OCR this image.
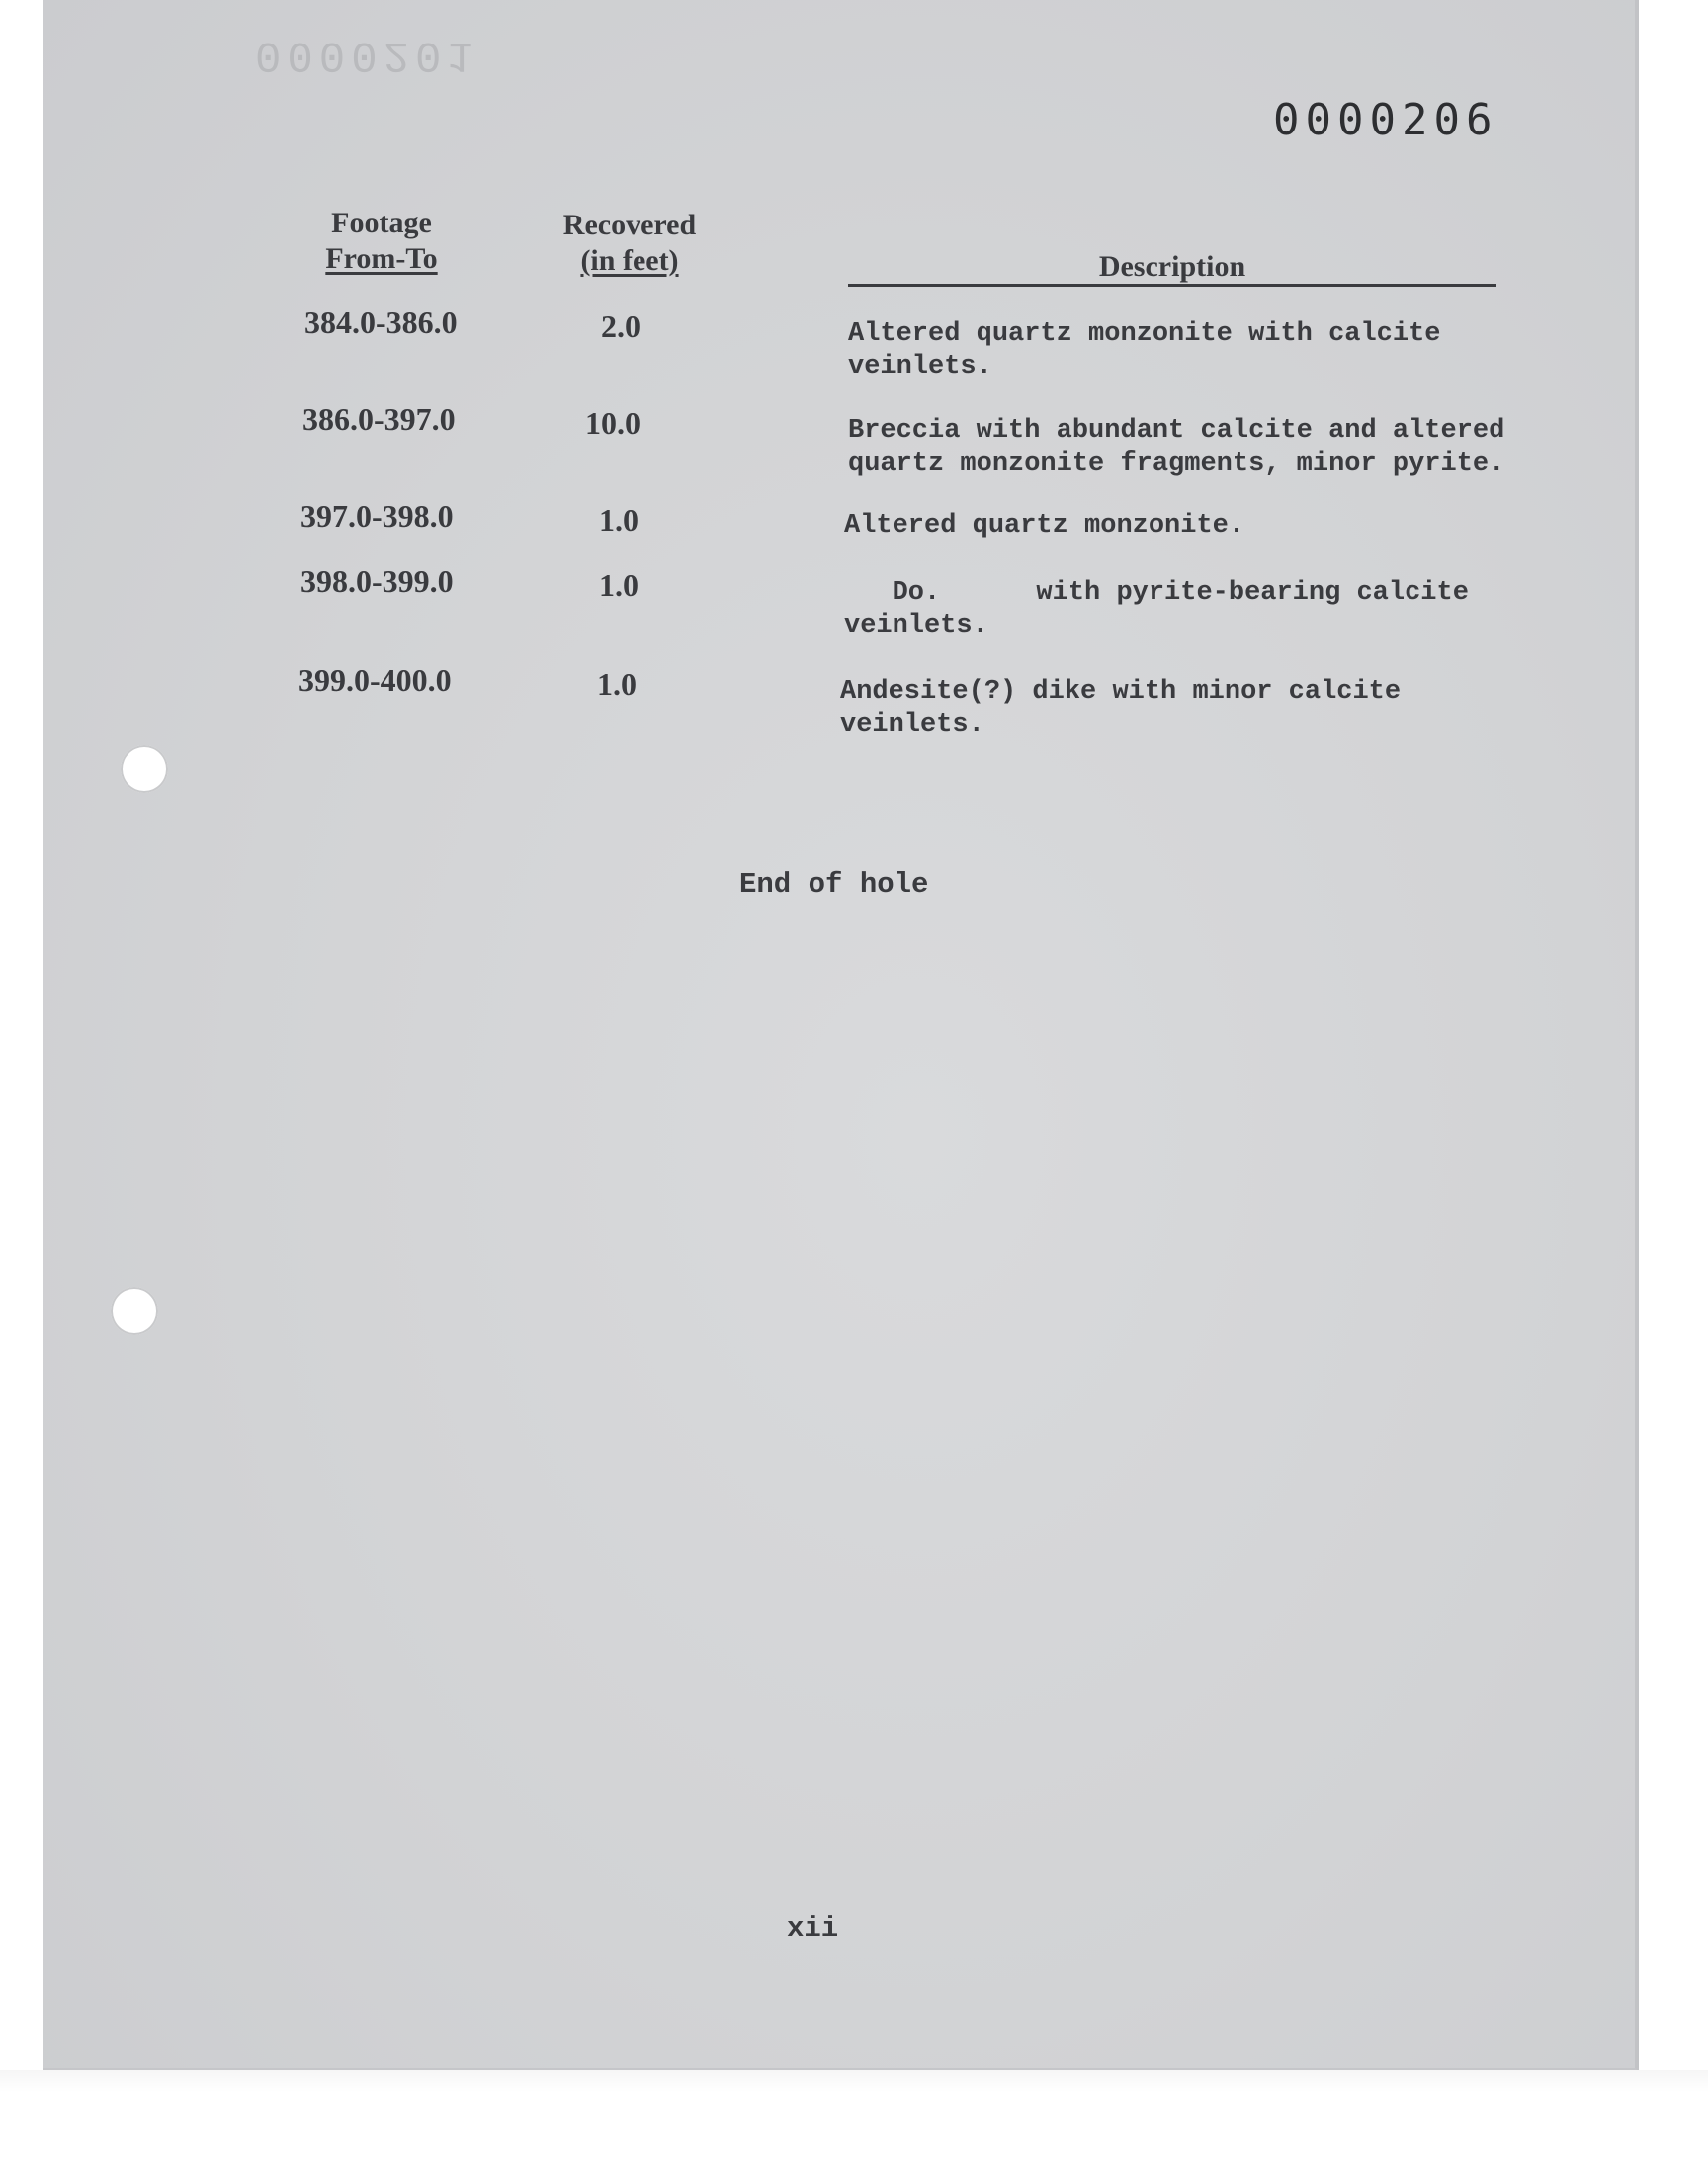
0000201
0000206
Footage
From-To
Recovered
(in feet)	Description
384.0-386.0	2.0	Altered quartz monzonite with calcite
veinlets.
386.0-397.0	10.0	Breccia with abundant calcite and altered
quartz monzonite fragments, minor pyrite.
397.0-398.0	1.0	Altered quartz monzonite.
398.0-399.0	1.0	Do.      with pyrite-bearing calcite
veinlets.
399.0-400.0	1.0	Andesite(?) dike with minor calcite
veinlets.
End of hole
xii
